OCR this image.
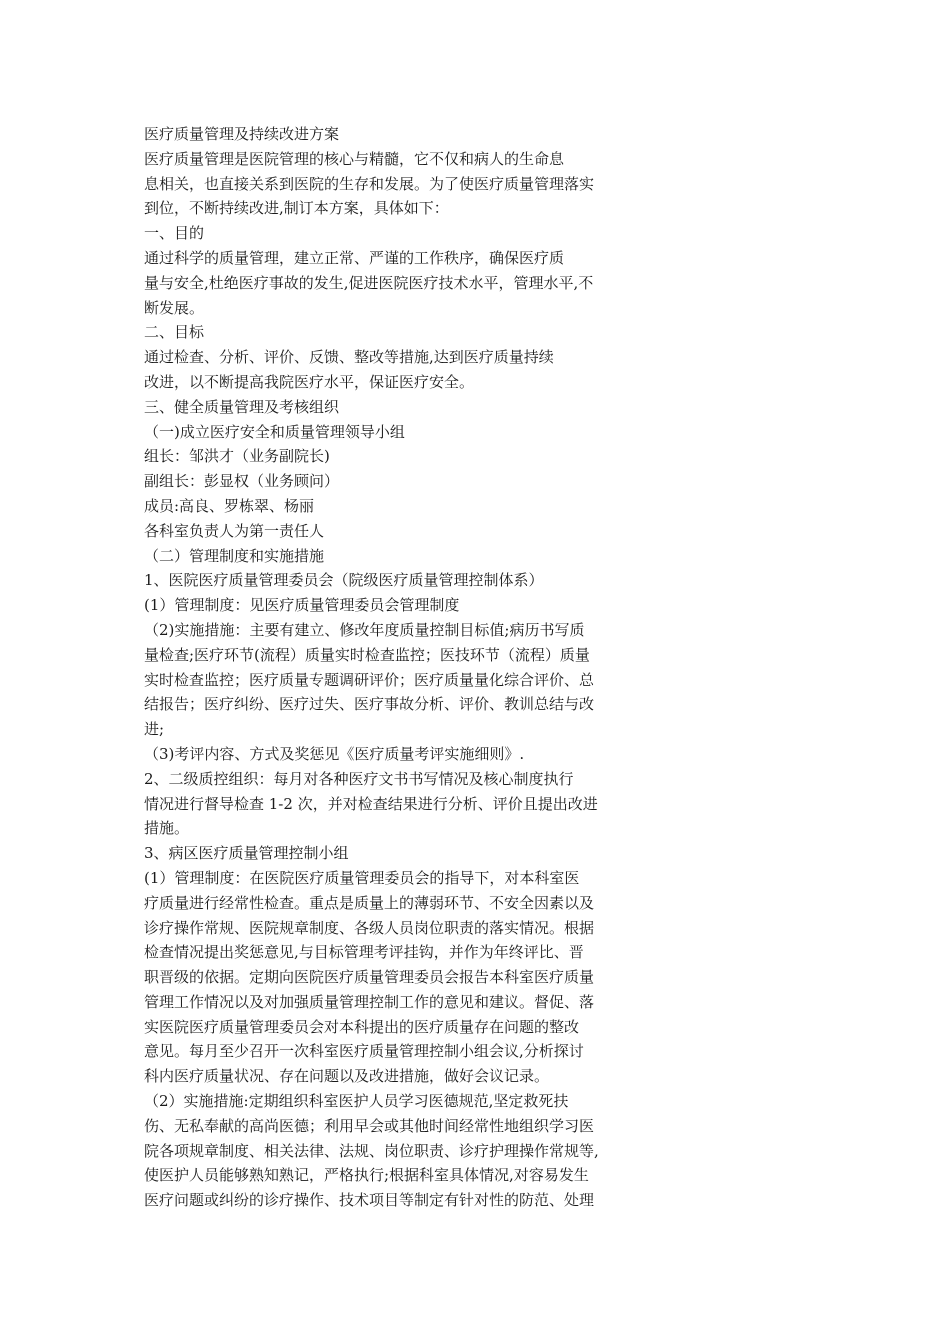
医疗质量管理及持续改进方案
医疗质量管理是医院管理的核心与精髓，它不仅和病人的生命息
息相关，也直接关系到医院的生存和发展。为了使医疗质量管理落实
到位，不断持续改进,制订本方案，具体如下：
一、目的
通过科学的质量管理，建立正常、严谨的工作秩序，确保医疗质
量与安全,杜绝医疗事故的发生,促进医院医疗技术水平，管理水平,不
断发展。
二、目标
通过检查、分析、评价、反馈、整改等措施,达到医疗质量持续
改进，以不断提高我院医疗水平，保证医疗安全。
三、健全质量管理及考核组织
（一)成立医疗安全和质量管理领导小组
组长：邹洪才（业务副院长)
副组长：彭显权（业务顾问）
成员:高良、罗栋翠、杨丽
各科室负责人为第一责任人
（二）管理制度和实施措施
1、医院医疗质量管理委员会（院级医疗质量管理控制体系）
(1）管理制度：见医疗质量管理委员会管理制度
（2)实施措施：主要有建立、修改年度质量控制目标值;病历书写质
量检查;医疗环节(流程）质量实时检查监控；医技环节（流程）质量
实时检查监控；医疗质量专题调研评价；医疗质量量化综合评价、总
结报告；医疗纠纷、医疗过失、医疗事故分析、评价、教训总结与改
进;
（3)考评内容、方式及奖惩见《医疗质量考评实施细则》.
2、二级质控组织：每月对各种医疗文书书写情况及核心制度执行
情况进行督导检查 1-2 次，并对检查结果进行分析、评价且提出改进
措施。
3、病区医疗质量管理控制小组
(1）管理制度：在医院医疗质量管理委员会的指导下，对本科室医
疗质量进行经常性检查。重点是质量上的薄弱环节、不安全因素以及
诊疗操作常规、医院规章制度、各级人员岗位职责的落实情况。根据
检查情况提出奖惩意见,与目标管理考评挂钩，并作为年终评比、晋
职晋级的依据。定期向医院医疗质量管理委员会报告本科室医疗质量
管理工作情况以及对加强质量管理控制工作的意见和建议。督促、落
实医院医疗质量管理委员会对本科提出的医疗质量存在问题的整改
意见。每月至少召开一次科室医疗质量管理控制小组会议,分析探讨
科内医疗质量状况、存在问题以及改进措施，做好会议记录。
（2）实施措施:定期组织科室医护人员学习医德规范,坚定救死扶
伤、无私奉献的高尚医德；利用早会或其他时间经常性地组织学习医
院各项规章制度、相关法律、法规、岗位职责、诊疗护理操作常规等,
使医护人员能够熟知熟记，严格执行;根据科室具体情况,对容易发生
医疗问题或纠纷的诊疗操作、技术项目等制定有针对性的防范、处理
